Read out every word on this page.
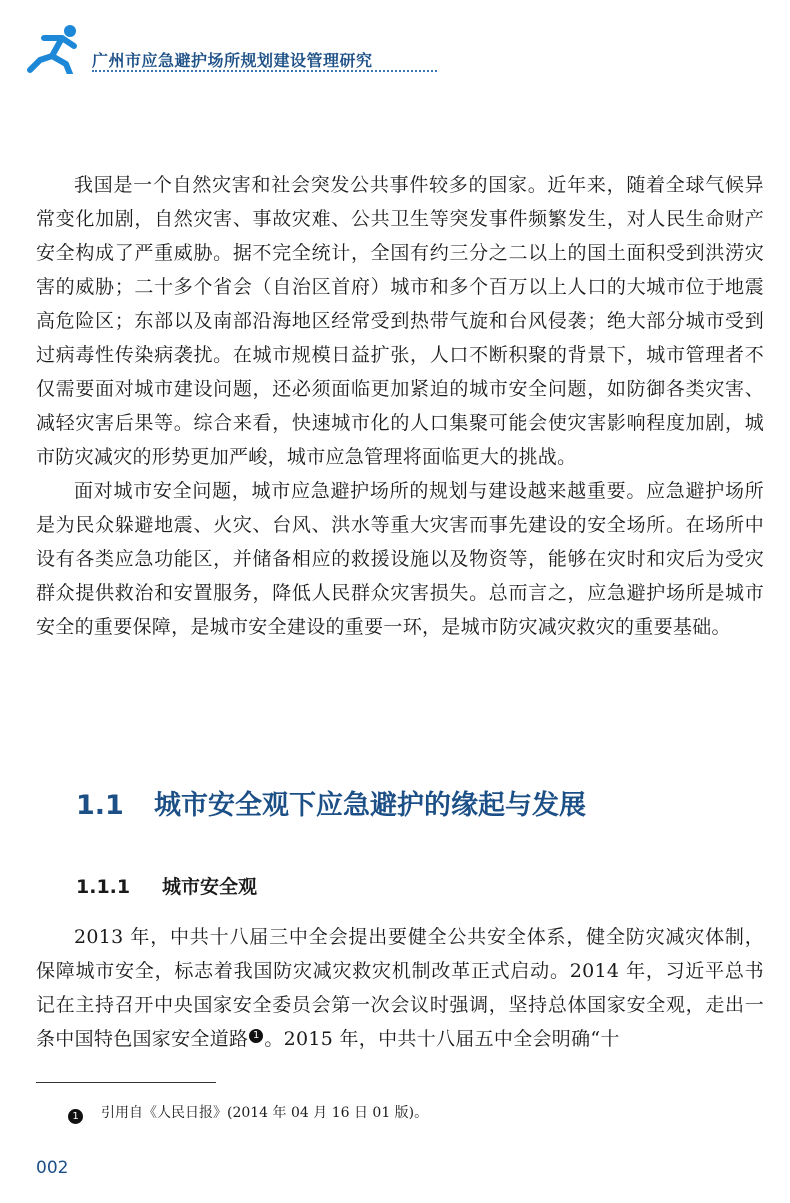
广州市应急避护场所规划建设管理研究

我国是一个自然灾害和社会突发公共事件较多的国家。近年来，随着全球气候异常变化加剧，自然灾害、事故灾难、公共卫生等突发事件频繁发生，对人民生命财产安全构成了严重威胁。据不完全统计，全国有约三分之二以上的国土面积受到洪涝灾害的威胁；二十多个省会（自治区首府）城市和多个百万以上人口的大城市位于地震高危险区；东部以及南部沿海地区经常受到热带气旋和台风侵袭；绝大部分城市受到过病毒性传染病袭扰。在城市规模日益扩张，人口不断积聚的背景下，城市管理者不仅需要面对城市建设问题，还必须面临更加紧迫的城市安全问题，如防御各类灾害、减轻灾害后果等。综合来看，快速城市化的人口集聚可能会使灾害影响程度加剧，城市防灾减灾的形势更加严峻，城市应急管理将面临更大的挑战。

面对城市安全问题，城市应急避护场所的规划与建设越来越重要。应急避护场所是为民众躲避地震、火灾、台风、洪水等重大灾害而事先建设的安全场所。在场所中设有各类应急功能区，并储备相应的救援设施以及物资等，能够在灾时和灾后为受灾群众提供救治和安置服务，降低人民群众灾害损失。总而言之，应急避护场所是城市安全的重要保障，是城市安全建设的重要一环，是城市防灾减灾救灾的重要基础。

1.1 城市安全观下应急避护的缘起与发展
1.1.1 城市安全观

2013 年，中共十八届三中全会提出要健全公共安全体系，健全防灾减灾体制，保障城市安全，标志着我国防灾减灾救灾机制改革正式启动。2014 年，习近平总书记在主持召开中央国家安全委员会第一次会议时强调，坚持总体国家安全观，走出一条中国特色国家安全道路 1 。2015 年，中共十八届五中全会明确“十

1 引用自《人民日报》(2014 年 04 月 16 日 01 版)。
002
